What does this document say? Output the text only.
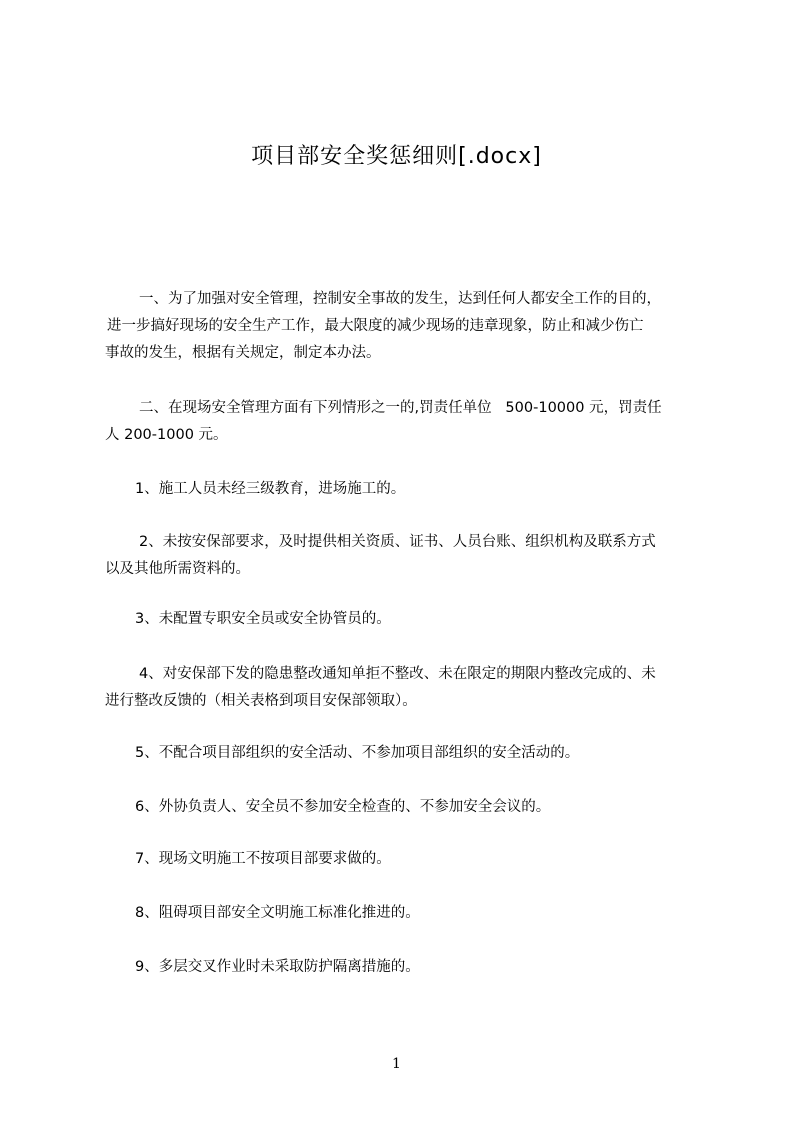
项目部安全奖惩细则[.docx]
一、为了加强对安全管理，控制安全事故的发生，达到任何人都安全工作的目的，
进一步搞好现场的安全生产工作，最大限度的减少现场的违章现象，防止和减少伤亡
事故的发生，根据有关规定，制定本办法。
二、在现场安全管理方面有下列情形之一的,罚责任单位   500-10000 元，罚责任
人 200-1000 元。
1、施工人员未经三级教育，进场施工的。
2、未按安保部要求，及时提供相关资质、证书、人员台账、组织机构及联系方式
以及其他所需资料的。
3、未配置专职安全员或安全协管员的。
4、对安保部下发的隐患整改通知单拒不整改、未在限定的期限内整改完成的、未
进行整改反馈的（相关表格到项目安保部领取）。
5、不配合项目部组织的安全活动、不参加项目部组织的安全活动的。
6、外协负责人、安全员不参加安全检查的、不参加安全会议的。
7、现场文明施工不按项目部要求做的。
8、阻碍项目部安全文明施工标准化推进的。
9、多层交叉作业时未采取防护隔离措施的。
1
